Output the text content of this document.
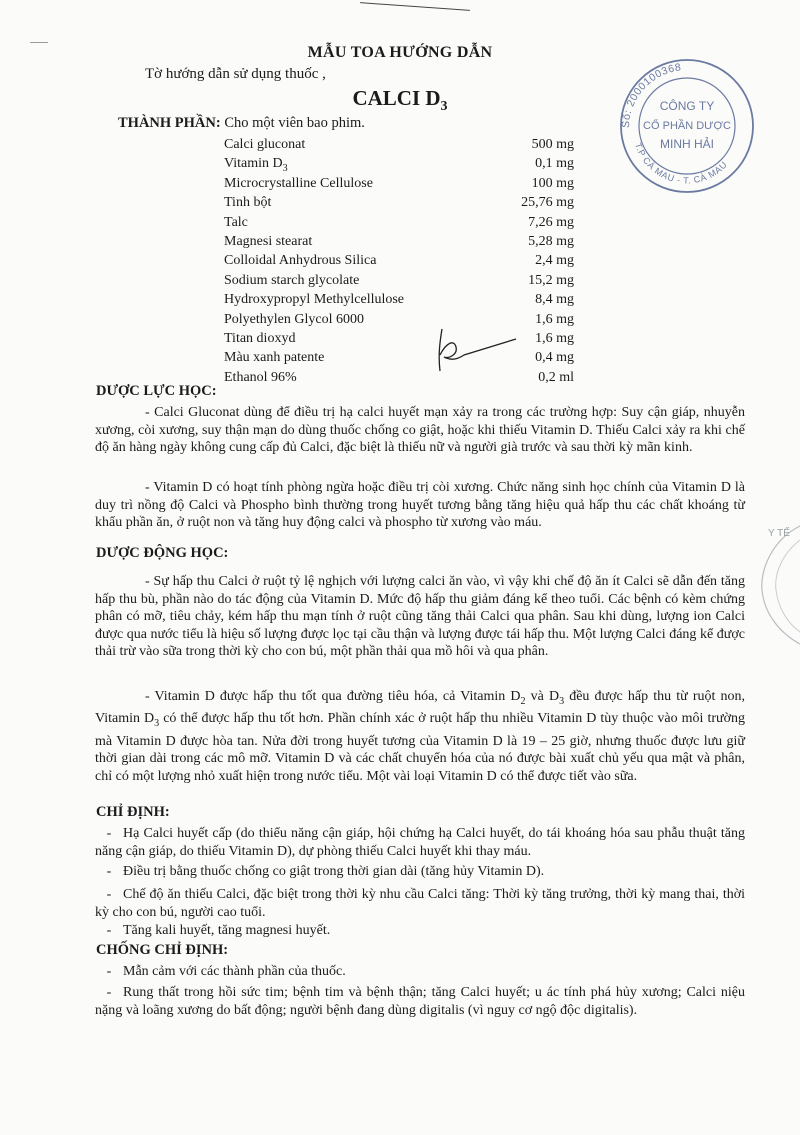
MẪU TOA HƯỚNG DẪN
Tờ hướng dẫn sử dụng thuốc ,
CALCI $D_3$
THÀNH PHẦN: Cho một viên bao phim.
Calci gluconat	500 mg
Vitamin $D_3$	0,1 mg
Microcrystalline Cellulose	100 mg
Tinh bột	25,76 mg
Talc	7,26 mg
Magnesi stearat	5,28 mg
Colloidal Anhydrous Silica	2,4 mg
Sodium starch glycolate	15,2 mg
Hydroxypropyl Methylcellulose	8,4 mg
Polyethylen Glycol 6000	1,6 mg
Titan dioxyd	1,6 mg
Màu xanh patente	0,4 mg
Ethanol 96%	0,2 ml
Số: 2000100368
T.P CÀ MAU - T. CÀ MAU
CÔNG TY
CỔ PHẦN DƯỢC
MINH HẢI
Y TẾ
DƯỢC LỰC HỌC:
- Calci Gluconat dùng để điều trị hạ calci huyết mạn xảy ra trong các trường hợp: Suy cận giáp, nhuyễn xương, còi xương, suy thận mạn do dùng thuốc chống co giật, hoặc khi thiếu Vitamin D. Thiếu Calci xảy ra khi chế độ ăn hàng ngày không cung cấp đủ Calci, đặc biệt là thiếu nữ và người già trước và sau thời kỳ mãn kinh.
- Vitamin D có hoạt tính phòng ngừa hoặc điều trị còi xương. Chức năng sinh học chính của Vitamin D là duy trì nồng độ Calci và Phospho bình thường trong huyết tương bằng tăng hiệu quả hấp thu các chất khoáng từ khẩu phần ăn, ở ruột non và tăng huy động calci và phospho từ xương vào máu.
DƯỢC ĐỘNG HỌC:
- Sự hấp thu Calci ở ruột tỷ lệ nghịch với lượng calci ăn vào, vì vậy khi chế độ ăn ít Calci sẽ dẫn đến tăng hấp thu bù, phần nào do tác động của Vitamin D. Mức độ hấp thu giảm đáng kể theo tuổi. Các bệnh có kèm chứng phân có mỡ, tiêu chảy, kém hấp thu mạn tính ở ruột cũng tăng thải Calci qua phân. Sau khi dùng, lượng ion Calci được qua nước tiểu là hiệu số lượng được lọc tại cầu thận và lượng được tái hấp thu. Một lượng Calci đáng kể được thải trừ vào sữa trong thời kỳ cho con bú, một phần thải qua mồ hôi và qua phân.
- Vitamin D được hấp thu tốt qua đường tiêu hóa, cả Vitamin $D_2$ và $D_3$ đều được hấp thu từ ruột non, Vitamin $D_3$ có thể được hấp thu tốt hơn. Phần chính xác ở ruột hấp thu nhiều Vitamin D tùy thuộc vào môi trường mà Vitamin D được hòa tan. Nửa đời trong huyết tương của Vitamin D là 19 – 25 giờ, nhưng thuốc được lưu giữ thời gian dài trong các mô mỡ. Vitamin D và các chất chuyển hóa của nó được bài xuất chủ yếu qua mật và phân, chỉ có một lượng nhỏ xuất hiện trong nước tiểu. Một vài loại Vitamin D có thể được tiết vào sữa.
CHỈ ĐỊNH:
- Hạ Calci huyết cấp (do thiểu năng cận giáp, hội chứng hạ Calci huyết, do tái khoáng hóa sau phẫu thuật tăng năng cận giáp, do thiếu Vitamin D), dự phòng thiếu Calci huyết khi thay máu.
- Điều trị bằng thuốc chống co giật trong thời gian dài (tăng hủy Vitamin D).
- Chế độ ăn thiếu Calci, đặc biệt trong thời kỳ nhu cầu Calci tăng: Thời kỳ tăng trưởng, thời kỳ mang thai, thời kỳ cho con bú, người cao tuổi.
- Tăng kali huyết, tăng magnesi huyết.
CHỐNG CHỈ ĐỊNH:
- Mẫn cảm với các thành phần của thuốc.
- Rung thất trong hồi sức tim; bệnh tim và bệnh thận; tăng Calci huyết; u ác tính phá hủy xương; Calci niệu nặng và loãng xương do bất động; người bệnh đang dùng digitalis (vì nguy cơ ngộ độc digitalis).
